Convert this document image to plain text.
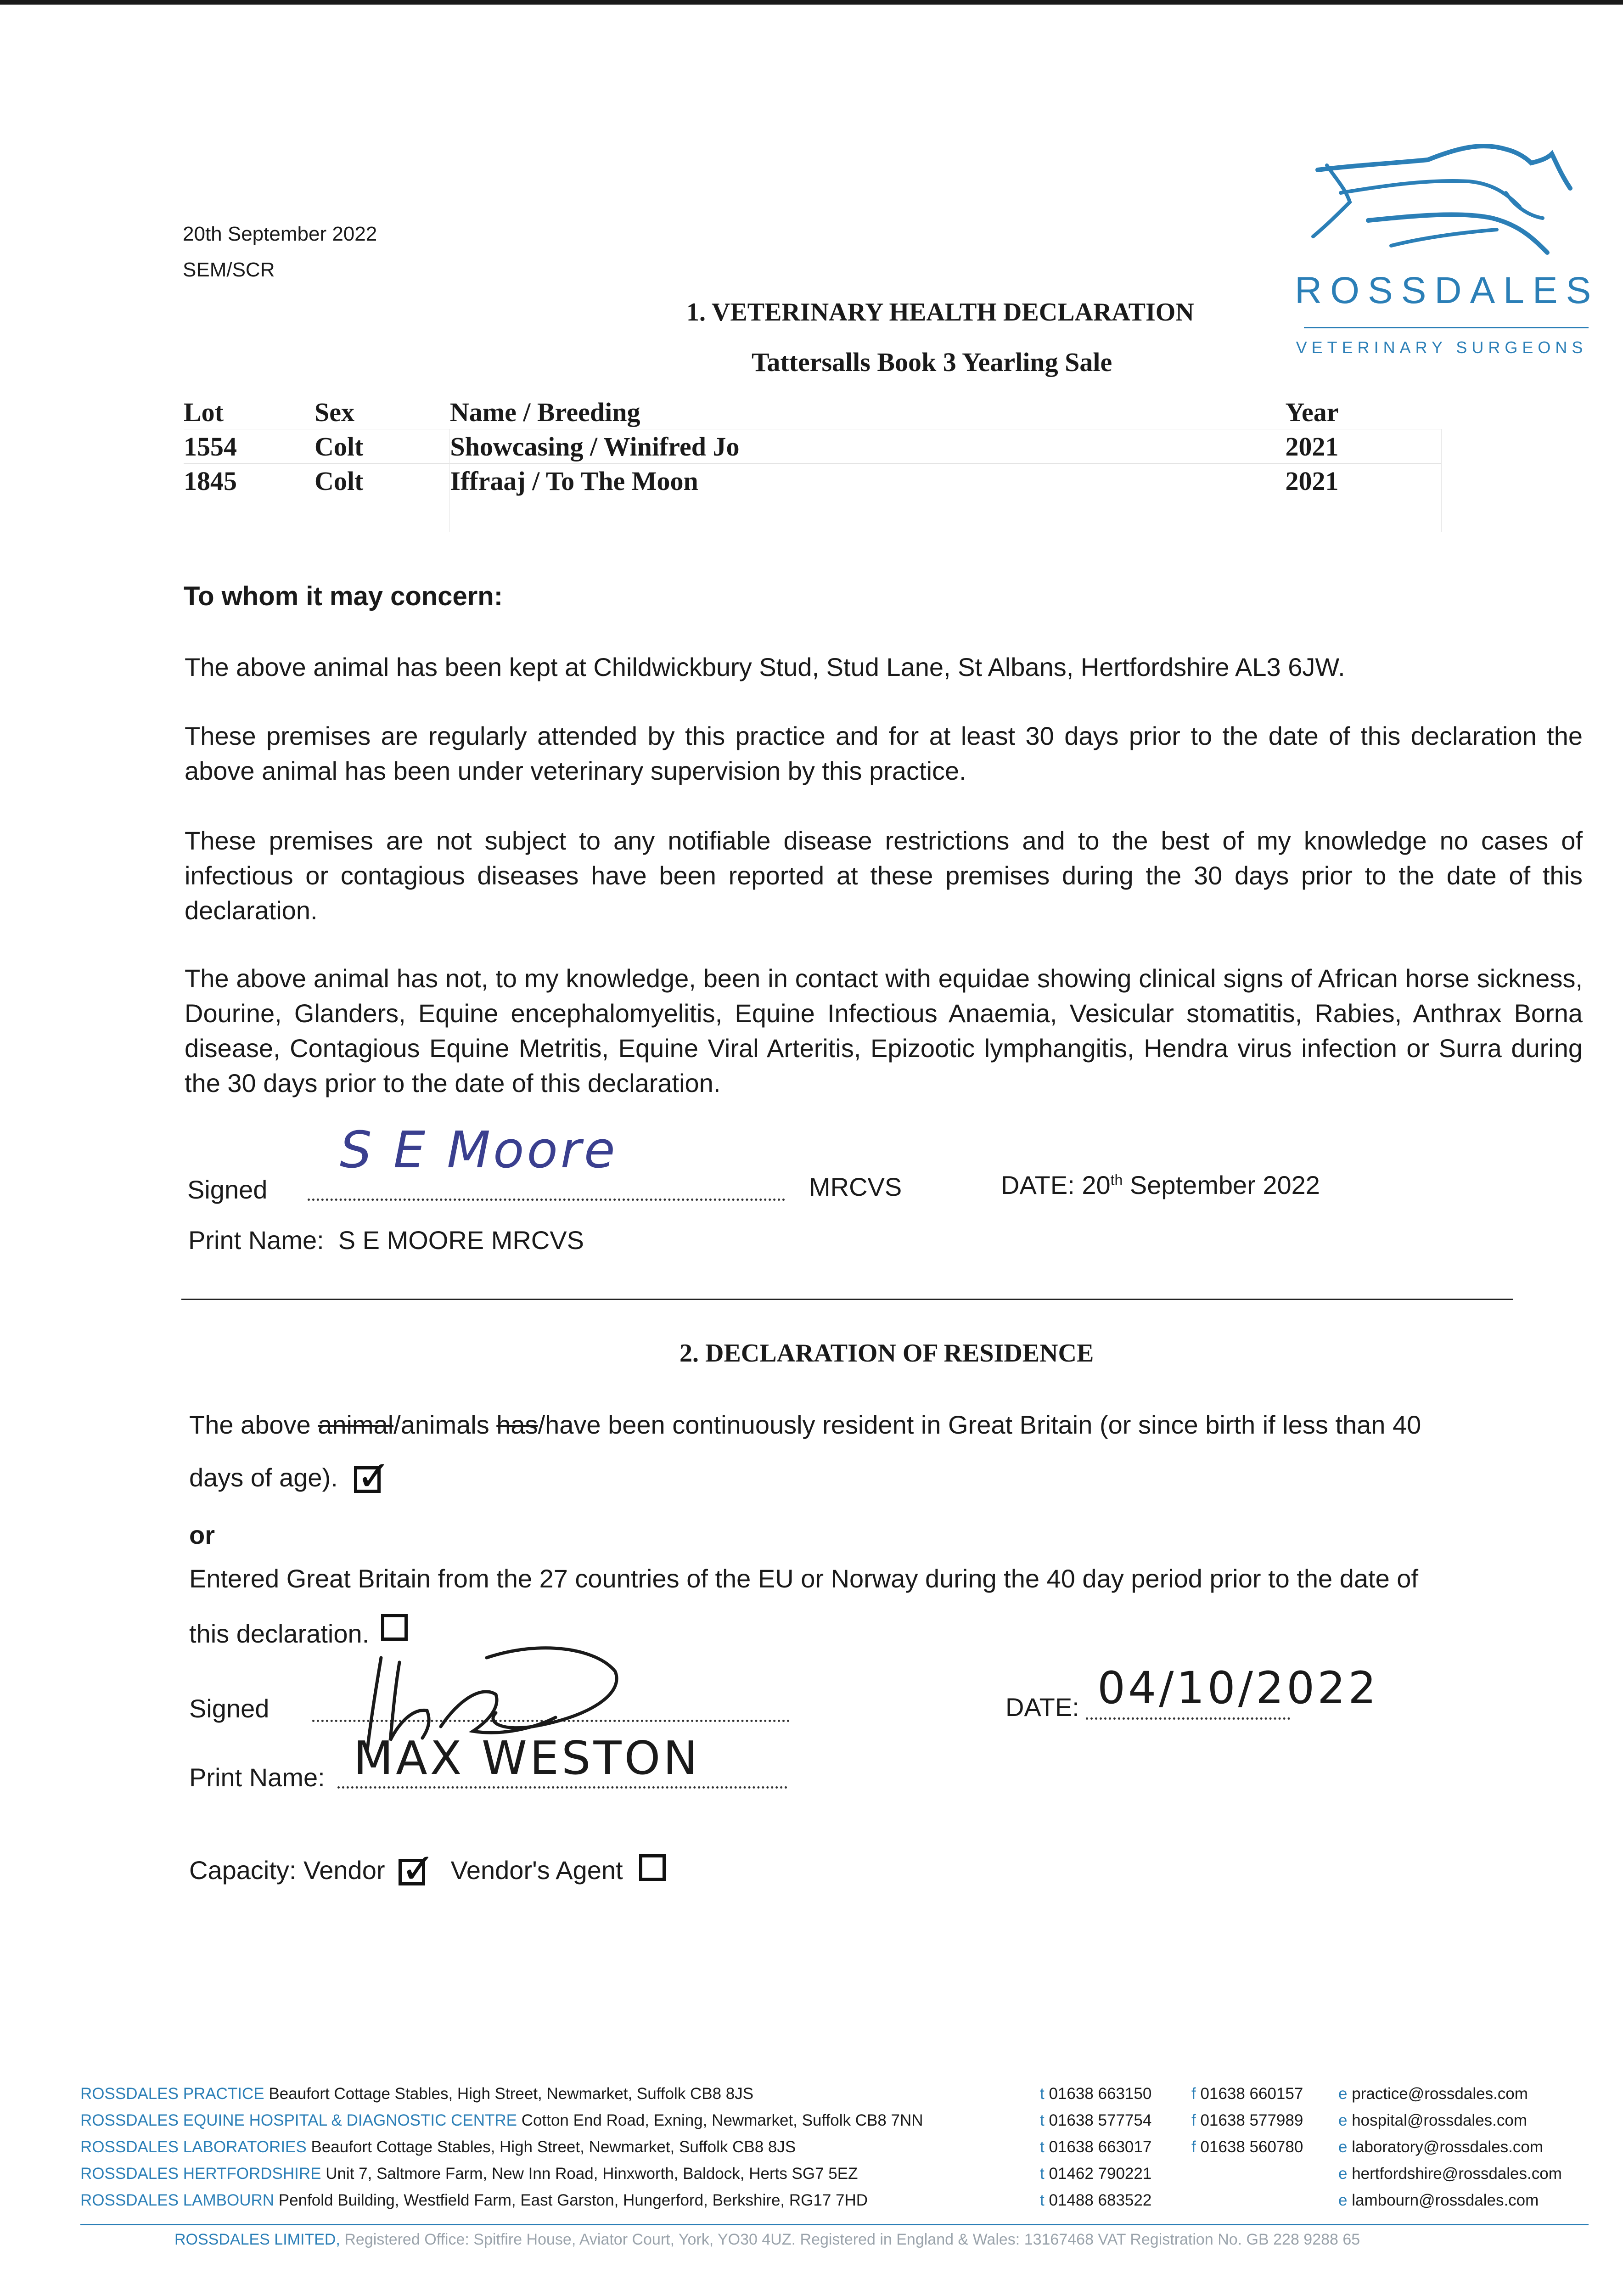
20th September 2022
SEM/SCR	ROSSDALES
VETERINARY SURGEONS
1. VETERINARY HEALTH DECLARATION
Tattersalls Book 3 Yearling Sale
Lot	Sex	Name / Breeding	Year
1554	Colt	Showcasing / Winifred Jo	2021
1845	Colt	Iffraaj / To The Moon	2021

To whom it may concern:
The above animal has been kept at Childwickbury Stud, Stud Lane, St Albans, Hertfordshire AL3 6JW.
These premises are regularly attended by this practice and for at least 30 days prior to the date of this declaration the above animal has been under veterinary supervision by this practice.
These premises are not subject to any notifiable disease restrictions and to the best of my knowledge no cases of infectious or contagious diseases have been reported at these premises during the 30 days prior to the date of this declaration.
The above animal has not, to my knowledge, been in contact with equidae showing clinical signs of African horse sickness, Dourine, Glanders, Equine encephalomyelitis, Equine Infectious Anaemia, Vesicular stomatitis, Rabies, Anthrax Borna disease, Contagious Equine Metritis, Equine Viral Arteritis, Epizootic lymphangitis, Hendra virus infection or Surra during the 30 days prior to the date of this declaration.
Signed
S E Moore
MRCVS	DATE: 20th September 2022
Print Name: S E MOORE MRCVS
2. DECLARATION OF RESIDENCE
The above animal/animals has/have been continuously resident in Great Britain (or since birth if less than 40
days of age). ✓
or
Entered Great Britain from the 27 countries of the EU or Norway during the 40 day period prior to the date of
this declaration.
Signed	DATE: 04/10/2022
Print Name: MAX WESTON
Capacity: Vendor ✓ Vendor's Agent
ROSSDALES PRACTICE Beaufort Cottage Stables, High Street, Newmarket, Suffolk CB8 8JS	t 01638 663150 f 01638 660157 e practice@rossdales.com
ROSSDALES EQUINE HOSPITAL & DIAGNOSTIC CENTRE Cotton End Road, Exning, Newmarket, Suffolk CB8 7NN	t 01638 577754 f 01638 577989 e hospital@rossdales.com
ROSSDALES LABORATORIES Beaufort Cottage Stables, High Street, Newmarket, Suffolk CB8 8JS	t 01638 663017 f 01638 560780 e laboratory@rossdales.com
ROSSDALES HERTFORDSHIRE Unit 7, Saltmore Farm, New Inn Road, Hinxworth, Baldock, Herts SG7 5EZ	t 01462 790221	e hertfordshire@rossdales.com
ROSSDALES LAMBOURN Penfold Building, Westfield Farm, East Garston, Hungerford, Berkshire, RG17 7HD	t 01488 683522	e lambourn@rossdales.com
ROSSDALES LIMITED, Registered Office: Spitfire House, Aviator Court, York, YO30 4UZ. Registered in England & Wales: 13167468 VAT Registration No. GB 228 9288 65
